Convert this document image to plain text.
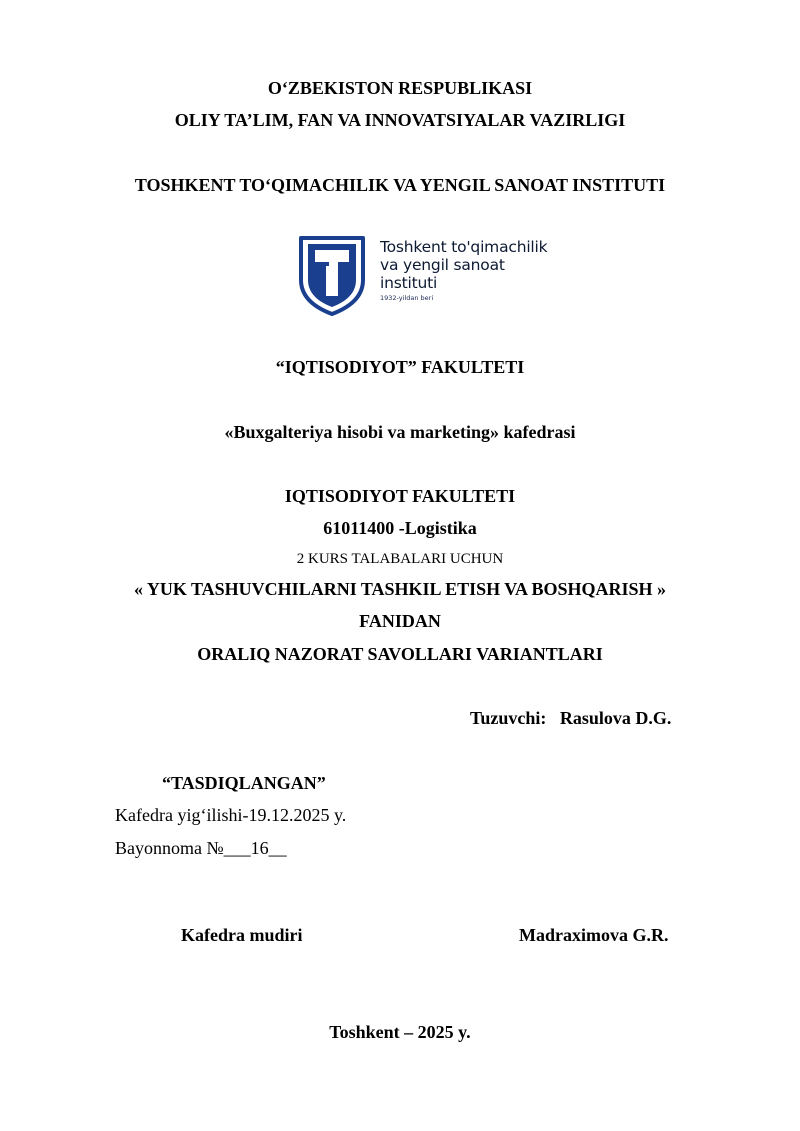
O‘ZBEKISTON RESPUBLIKASI
OLIY TA’LIM, FAN VA INNOVATSIYALAR VAZIRLIGI
TOSHKENT TO‘QIMACHILIK VA YENGIL SANOAT INSTITUTI
Toshkent to'qimachilik
va yengil sanoat
instituti
1932-yildan beri
“IQTISODIYOT” FAKULTETI
«Buxgalteriya hisobi va marketing» kafedrasi
IQTISODIYOT FAKULTETI
61011400 -Logistika
2 KURS TALABALARI UCHUN
« YUK TASHUVCHILARNI TASHKIL ETISH VA BOSHQARISH »
FANIDAN
ORALIQ NAZORAT SAVOLLARI VARIANTLARI
Tuzuvchi: Rasulova D.G.
“TASDIQLANGAN”
Kafedra yig‘ilishi-19.12.2025 y.
Bayonnoma №___16__
Kafedra mudiri	Madraximova G.R.
Toshkent – 2025 y.
